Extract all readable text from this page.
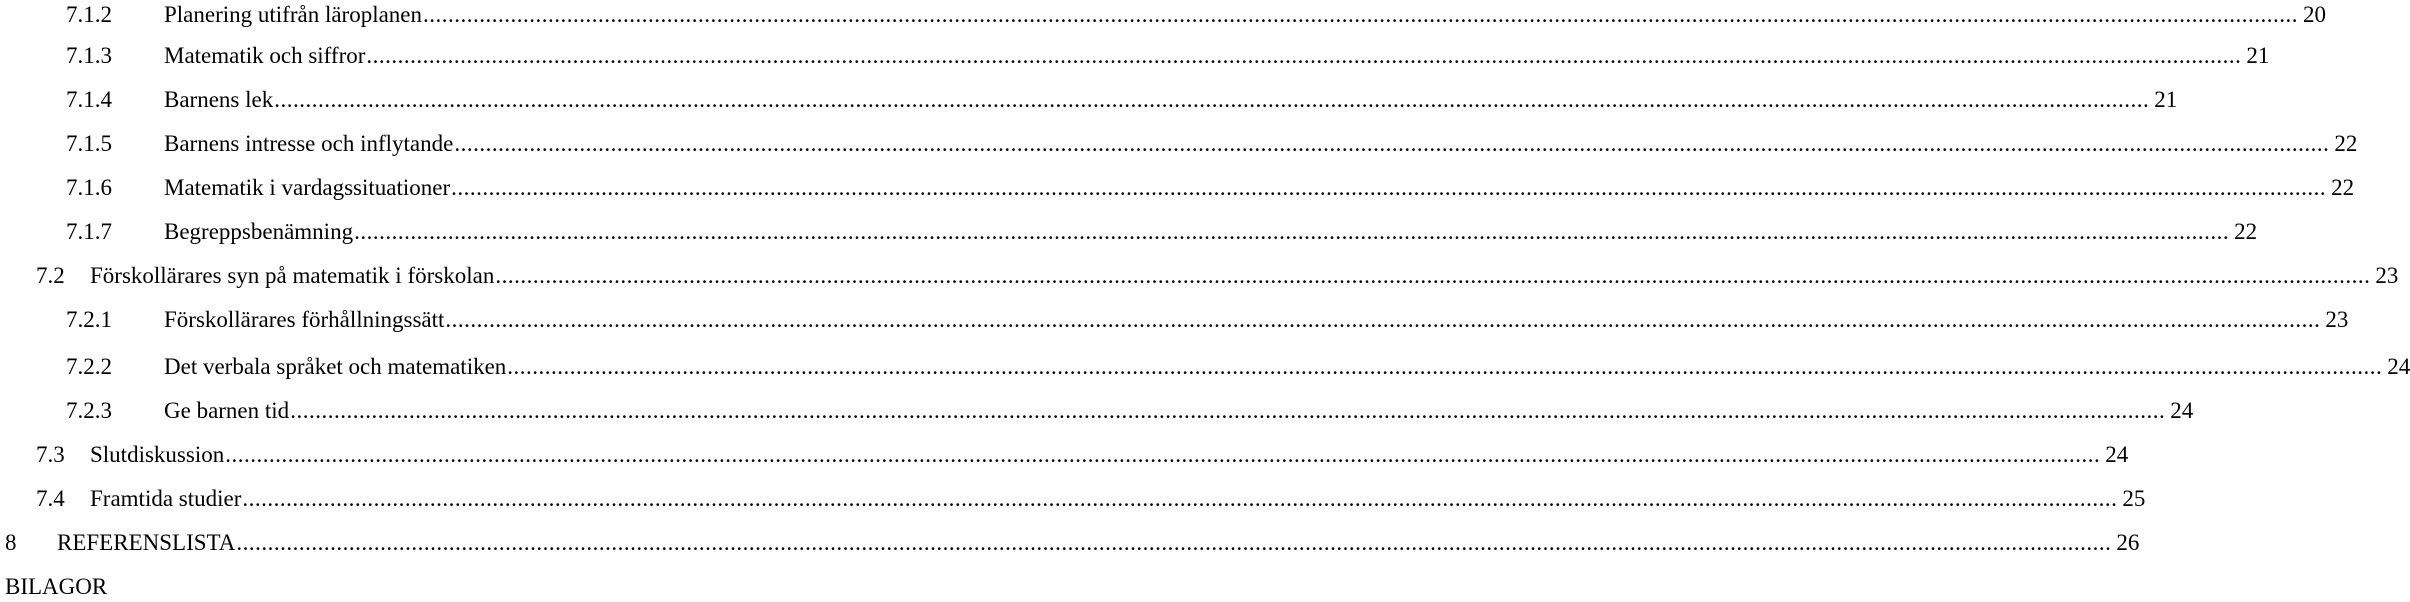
7.1.2 Planering utifrån läroplanen ............................................................................................................................................................................................................................................................................................................ 20
7.1.3 Matematik och siffror ............................................................................................................................................................................................................................................................................................................ 21
7.1.4 Barnens lek ............................................................................................................................................................................................................................................................................................................ 21
7.1.5 Barnens intresse och inflytande ............................................................................................................................................................................................................................................................................................................ 22
7.1.6 Matematik i vardagssituationer ............................................................................................................................................................................................................................................................................................................ 22
7.1.7 Begreppsbenämning ............................................................................................................................................................................................................................................................................................................ 22
7.2 Förskollärares syn på matematik i förskolan ............................................................................................................................................................................................................................................................................................................ 23
7.2.1 Förskollärares förhållningssätt ............................................................................................................................................................................................................................................................................................................ 23
7.2.2 Det verbala språket och matematiken ............................................................................................................................................................................................................................................................................................................ 24
7.2.3 Ge barnen tid ............................................................................................................................................................................................................................................................................................................ 24
7.3 Slutdiskussion ............................................................................................................................................................................................................................................................................................................ 24
7.4 Framtida studier ............................................................................................................................................................................................................................................................................................................ 25
8 REFERENSLISTA ............................................................................................................................................................................................................................................................................................................ 26
BILAGOR
